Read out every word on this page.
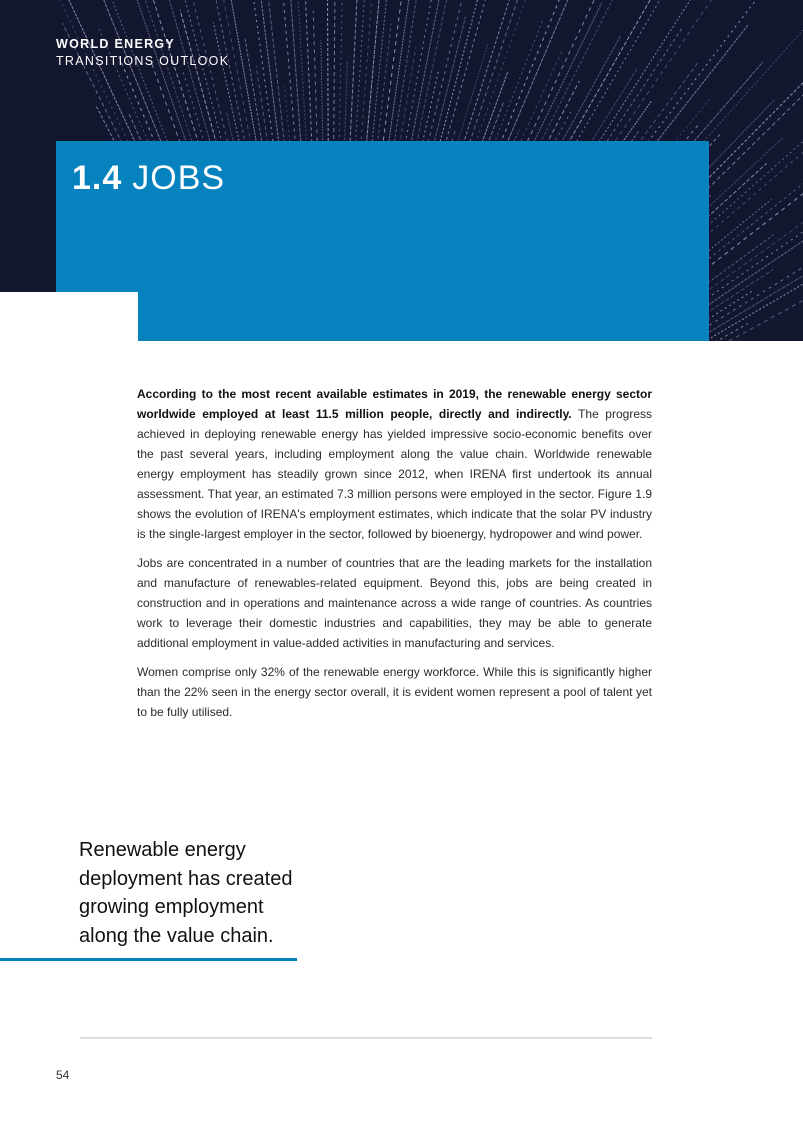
WORLD ENERGY
TRANSITIONS OUTLOOK
1.4 JOBS

According to the most recent available estimates in 2019, the renewable energy sector worldwide employed at least 11.5 million people, directly and indirectly. The progress achieved in deploying renewable energy has yielded impressive socio-economic benefits over the past several years, including employment along the value chain. Worldwide renewable energy employment has steadily grown since 2012, when IRENA first undertook its annual assessment. That year, an estimated 7.3 million persons were employed in the sector. Figure 1.9 shows the evolution of IRENA's employment estimates, which indicate that the solar PV industry is the single-largest employer in the sector, followed by bioenergy, hydropower and wind power.

Jobs are concentrated in a number of countries that are the leading markets for the installation and manufacture of renewables-related equipment. Beyond this, jobs are being created in construction and in operations and maintenance across a wide range of countries. As countries work to leverage their domestic industries and capabilities, they may be able to generate additional employment in value-added activities in manufacturing and services.

Women comprise only 32% of the renewable energy workforce. While this is significantly higher than the 22% seen in the energy sector overall, it is evident women represent a pool of talent yet to be fully utilised.

Renewable energy deployment has created growing employment along the value chain.
54
